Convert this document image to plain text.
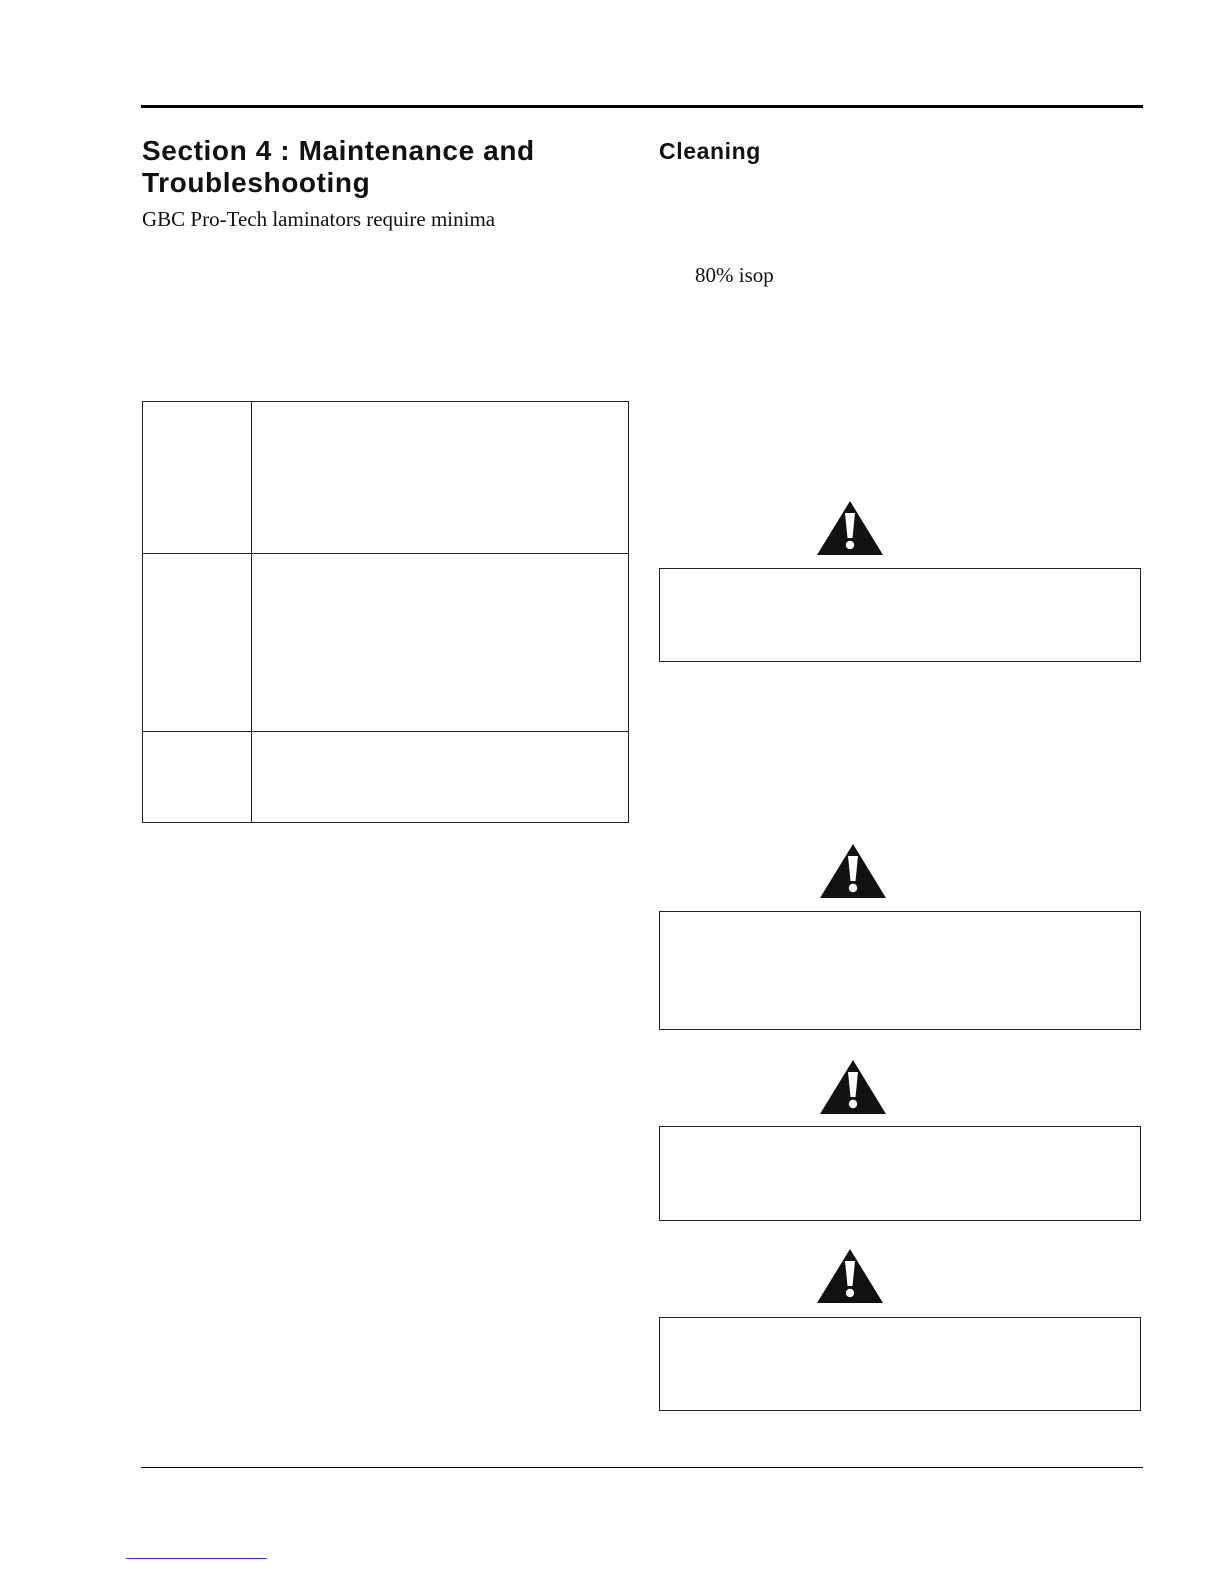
Section 4 : Maintenance and Troubleshooting

GBC Pro-Tech laminators require minima

Cleaning

80% isop
